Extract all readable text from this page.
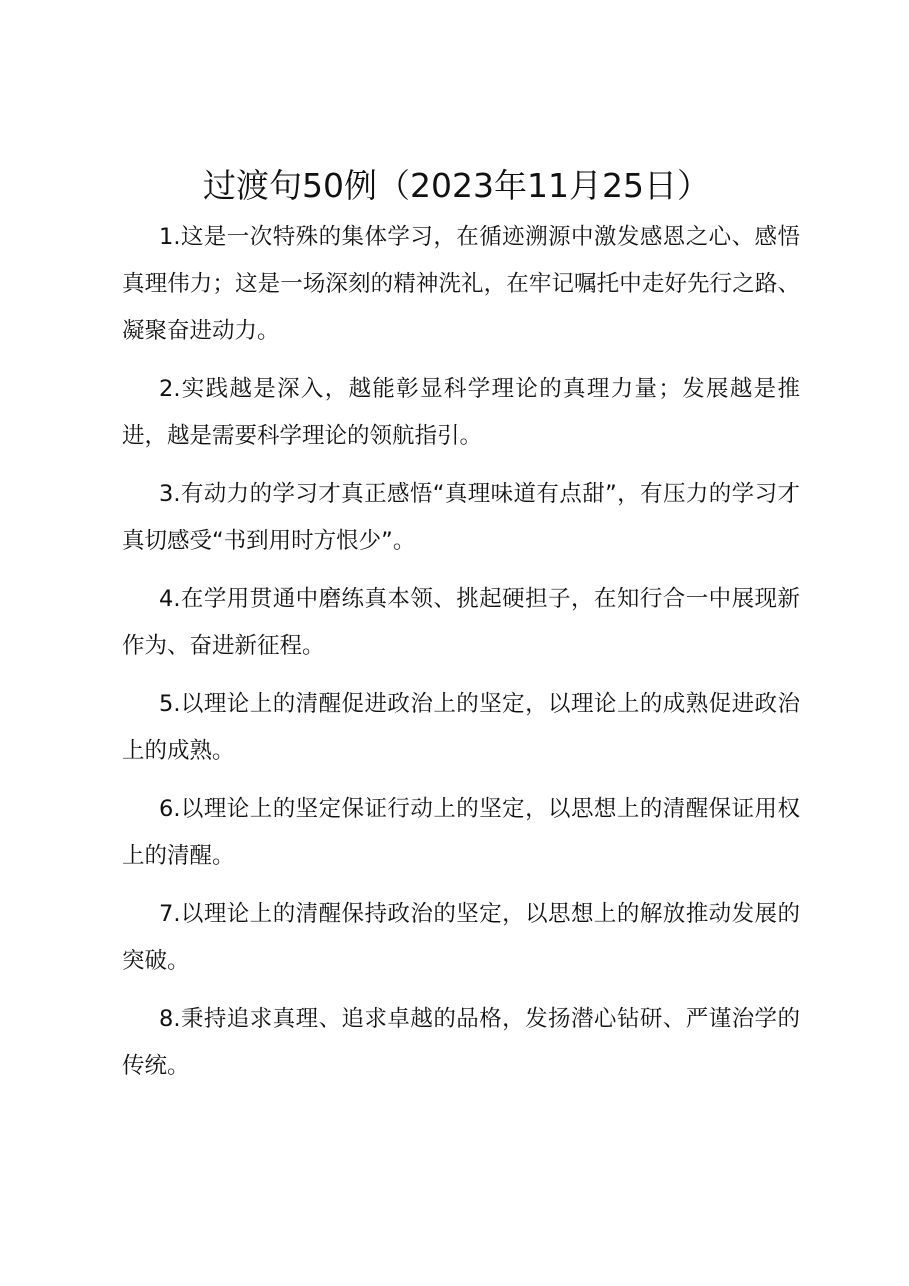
过渡句50例（2023年11月25日）

1.这是一次特殊的集体学习，在循迹溯源中激发感恩之心、感悟真理伟力；这是一场深刻的精神洗礼，在牢记嘱托中走好先行之路、凝聚奋进动力。

2.实践越是深入，越能彰显科学理论的真理力量；发展越是推进，越是需要科学理论的领航指引。

3.有动力的学习才真正感悟“真理味道有点甜”，有压力的学习才真切感受“书到用时方恨少”。

4.在学用贯通中磨练真本领、挑起硬担子，在知行合一中展现新作为、奋进新征程。

5.以理论上的清醒促进政治上的坚定，以理论上的成熟促进政治上的成熟。

6.以理论上的坚定保证行动上的坚定，以思想上的清醒保证用权上的清醒。

7.以理论上的清醒保持政治的坚定，以思想上的解放推动发展的突破。

8.秉持追求真理、追求卓越的品格，发扬潜心钻研、严谨治学的传统。
